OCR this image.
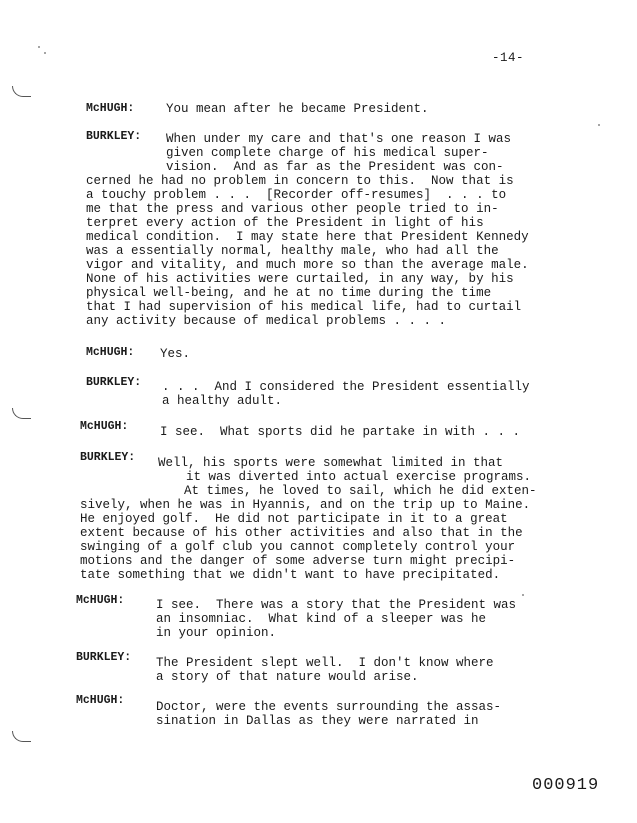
-14-
McHUGH:	You mean after he became President.
BURKLEY: When under my care and that's one reason I was
given complete charge of his medical super-
vision.  And as far as the President was con-
cerned he had no problem in concern to this.  Now that is
a touchy problem . . .  [Recorder off-resumes]  . . . to
me that the press and various other people tried to in-
terpret every action of the President in light of his
medical condition.  I may state here that President Kennedy
was a essentially normal, healthy male, who had all the
vigor and vitality, and much more so than the average male.
None of his activities were curtailed, in any way, by his
physical well-being, and he at no time during the time
that I had supervision of his medical life, had to curtail
any activity because of medical problems . . . .
McHUGH: Yes.
BURKLEY: . . .  And I considered the President essentially
a healthy adult.
McHUGH:	I see.  What sports did he partake in with . . .
BURKLEY: Well, his sports were somewhat limited in that
it was diverted into actual exercise programs.
At times, he loved to sail, which he did exten-
sively, when he was in Hyannis, and on the trip up to Maine.
He enjoyed golf.  He did not participate in it to a great
extent because of his other activities and also that in the
swinging of a golf club you cannot completely control your
motions and the danger of some adverse turn might precipi-
tate something that we didn't want to have precipitated.
McHUGH:	I see.  There was a story that the President was
an insomniac.  What kind of a sleeper was he
in your opinion.
BURKLEY: The President slept well.  I don't know where
a story of that nature would arise.
McHUGH:	Doctor, were the events surrounding the assas-
sination in Dallas as they were narrated in
000919
